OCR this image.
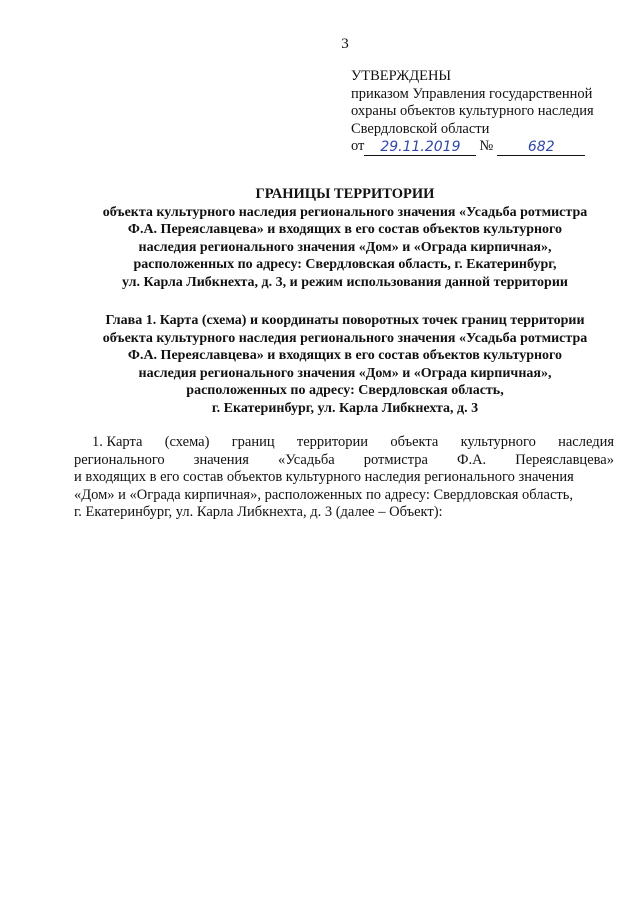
3
УТВЕРЖДЕНЫ
приказом Управления государственной
охраны объектов культурного наследия
Свердловской области
от	29.11.2019	№	682
ГРАНИЦЫ ТЕРРИТОРИИ
объекта культурного наследия регионального значения «Усадьба ротмистра
Ф.А. Переяславцева» и входящих в его состав объектов культурного
наследия регионального значения «Дом» и «Ограда кирпичная»,
расположенных по адресу: Свердловская область, г. Екатеринбург,
ул. Карла Либкнехта, д. 3, и режим использования данной территории
Глава 1. Карта (схема) и координаты поворотных точек границ территории
объекта культурного наследия регионального значения «Усадьба ротмистра
Ф.А. Переяславцева» и входящих в его состав объектов культурного
наследия регионального значения «Дом» и «Ограда кирпичная»,
расположенных по адресу: Свердловская область,
г. Екатеринбург, ул. Карла Либкнехта, д. 3
1. Карта (схема) границ территории объекта культурного наследия
регионального значения «Усадьба ротмистра Ф.А. Переяславцева»
и входящих в его состав объектов культурного наследия регионального значения
«Дом» и «Ограда кирпичная», расположенных по адресу: Свердловская область,
г. Екатеринбург, ул. Карла Либкнехта, д. 3 (далее – Объект):
